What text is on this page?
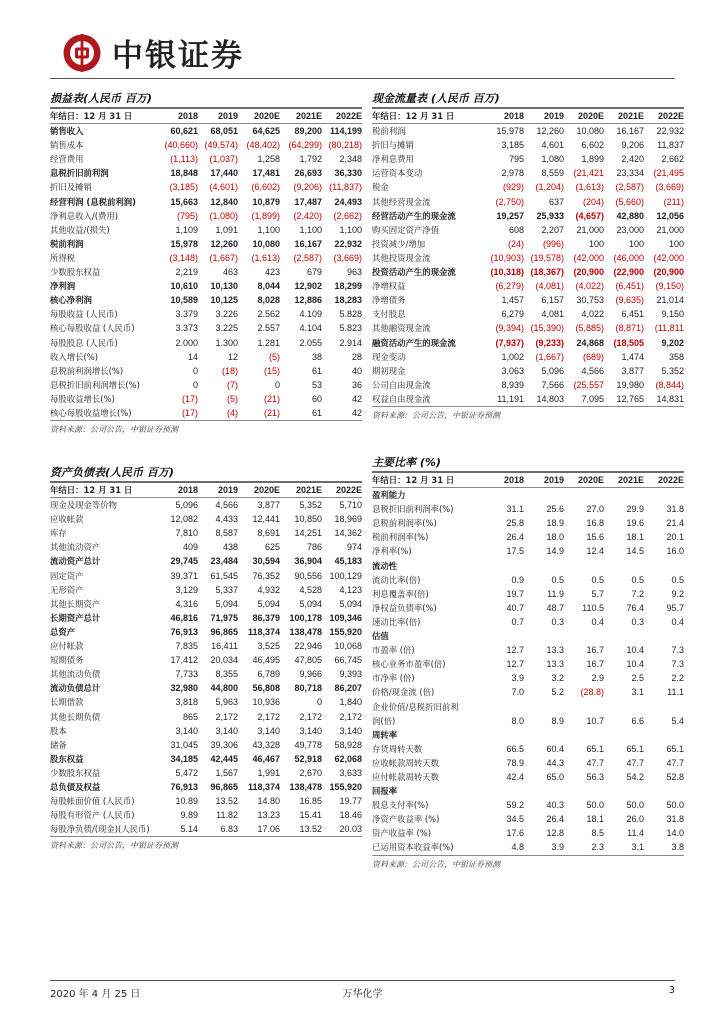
中银证券
损益表(人民币 百万)
年结日：12 月 31 日	2018	2019	2020E	2021E	2022E
销售收入	60,621	68,051	64,625	89,200	114,199
销售成本	(40,660)	(49,574)	(48,402)	(64,299)	(80,218)
经营费用	(1,113)	(1,037)	1,258	1,792	2,348
息税折旧前利润	18,848	17,440	17,481	26,693	36,330
折旧及摊销	(3,185)	(4,601)	(6,602)	(9,206)	(11,837)
经营利润 (息税前利润)	15,663	12,840	10,879	17,487	24,493
净利息收入/(费用)	(795)	(1,080)	(1,899)	(2,420)	(2,662)
其他收益/(损失)	1,109	1,091	1,100	1,100	1,100
税前利润	15,978	12,260	10,080	16,167	22,932
所得税	(3,148)	(1,667)	(1,613)	(2,587)	(3,669)
少数股东权益	2,219	463	423	679	963
净利润	10,610	10,130	8,044	12,902	18,299
核心净利润	10,589	10,125	8,028	12,886	18,283
每股收益 (人民币)	3.379	3.226	2.562	4.109	5.828
核心每股收益 (人民币)	3.373	3.225	2.557	4.104	5.823
每股股息 (人民币)	2.000	1.300	1.281	2.055	2.914
收入增长(%)	14	12	(5)	38	28
息税前利润增长(%)	0	(18)	(15)	61	40
息税折旧前利润增长(%)	0	(7)	0	53	36
每股收益增长(%)	(17)	(5)	(21)	60	42
核心每股收益增长(%)	(17)	(4)	(21)	61	42
资料来源：公司公告，中银证券预测
现金流量表 (人民币 百万)
年结日：12 月 31 日	2018	2019	2020E	2021E	2022E
税前利润	15,978	12,260	10,080	16,167	22,932
折旧与摊销	3,185	4,601	6,602	9,206	11,837
净利息费用	795	1,080	1,899	2,420	2,662
运营资本变动	2,978	8,559	(21,421	23,334	(21,495
税金	(929)	(1,204)	(1,613)	(2,587)	(3,669)
其他经营现金流	(2,750)	637	(204)	(5,660)	(211)
经营活动产生的现金流	19,257	25,933	(4,657)	42,880	12,056
购买固定资产净值	608	2,207	21,000	23,000	21,000
投资减少/增加	(24)	(996)	100	100	100
其他投资现金流	(10,903)	(19,578)	(42,000	(46,000	(42,000
投资活动产生的现金流	(10,318)	(18,367)	(20,900	(22,900	(20,900
净增权益	(6,279)	(4,081)	(4,022)	(6,451)	(9,150)
净增债务	1,457	6,157	30,753	(9,635)	21,014
支付股息	6,279	4,081	4,022	6,451	9,150
其他融资现金流	(9,394)	(15,390)	(5,885)	(8,871)	(11,811
融资活动产生的现金流	(7,937)	(9,233)	24,868	(18,505	9,202
现金变动	1,002	(1,667)	(689)	1,474	358
期初现金	3,063	5,096	4,566	3,877	5,352
公司自由现金流	8,939	7,566	(25,557	19,980	(8,844)
权益自由现金流	11,191	14,803	7,095	12,765	14,831
资料来源：公司公告，中银证券预测
资产负债表(人民币 百万)
年结日：12 月 31 日	2018	2019	2020E	2021E	2022E
现金及现金等价物	5,096	4,566	3,877	5,352	5,710
应收帐款	12,082	4,433	12,441	10,850	18,969
库存	7,810	8,587	8,691	14,251	14,362
其他流动资产	409	438	625	786	974
流动资产总计	29,745	23,484	30,594	36,904	45,183
固定资产	39,371	61,545	76,352	90,556	100,129
无形资产	3,129	5,337	4,932	4,528	4,123
其他长期资产	4,316	5,094	5,094	5,094	5,094
长期资产总计	46,816	71,975	86,379	100,178	109,346
总资产	76,913	96,865	118,374	138,478	155,920
应付帐款	7,835	16,411	3,525	22,946	10,068
短期债务	17,412	20,034	46,495	47,805	66,745
其他流动负债	7,733	8,355	6,789	9,966	9,393
流动负债总计	32,980	44,800	56,808	80,718	86,207
长期借款	3,818	5,963	10,936	0	1,840
其他长期负债	865	2,172	2,172	2,172	2,172
股本	3,140	3,140	3,140	3,140	3,140
储备	31,045	39,306	43,328	49,778	58,928
股东权益	34,185	42,445	46,467	52,918	62,068
少数股东权益	5,472	1,567	1,991	2,670	3,633
总负债及权益	76,913	96,865	118,374	138,478	155,920
每股帐面价值 (人民币)	10.89	13.52	14.80	16.85	19.77
每股有形资产 (人民币)	9.89	11.82	13.23	15.41	18.46
每股净负债/(现金)(人民币)	5.14	6.83	17.06	13.52	20.03
资料来源：公司公告，中银证券预测
主要比率 (%)
年结日：12 月 31 日	2018	2019	2020E	2021E	2022E
盈利能力					
息税折旧前利润率(%)	31.1	25.6	27.0	29.9	31.8
息税前利润率(%)	25.8	18.9	16.8	19.6	21.4
税前利润率(%)	26.4	18.0	15.6	18.1	20.1
净利率(%)	17.5	14.9	12.4	14.5	16.0
流动性					
流动比率(倍)	0.9	0.5	0.5	0.5	0.5
利息覆盖率(倍)	19.7	11.9	5.7	7.2	9.2
净权益负债率(%)	40.7	48.7	110.5	76.4	95.7
速动比率(倍)	0.7	0.3	0.4	0.3	0.4
估值					
市盈率 (倍)	12.7	13.3	16.7	10.4	7.3
核心业务市盈率(倍)	12.7	13.3	16.7	10.4	7.3
市净率 (倍)	3.9	3.2	2.9	2.5	2.2
价格/现金流 (倍)	7.0	5.2	(28.8)	3.1	11.1
企业价值/息税折旧前利					
润(倍)	8.0	8.9	10.7	6.6	5.4
周转率					
存货周转天数	66.5	60.4	65.1	65.1	65.1
应收帐款周转天数	78.9	44.3	47.7	47.7	47.7
应付帐款周转天数	42.4	65.0	56.3	54.2	52.8
回报率					
股息支付率(%)	59.2	40.3	50.0	50.0	50.0
净资产收益率 (%)	34.5	26.4	18.1	26.0	31.8
资产收益率 (%)	17.6	12.8	8.5	11.4	14.0
已运用资本收益率(%)	4.8	3.9	2.3	3.1	3.8
资料来源：公司公告，中银证券预测
2020 年 4 月 25 日	万华化学	3
